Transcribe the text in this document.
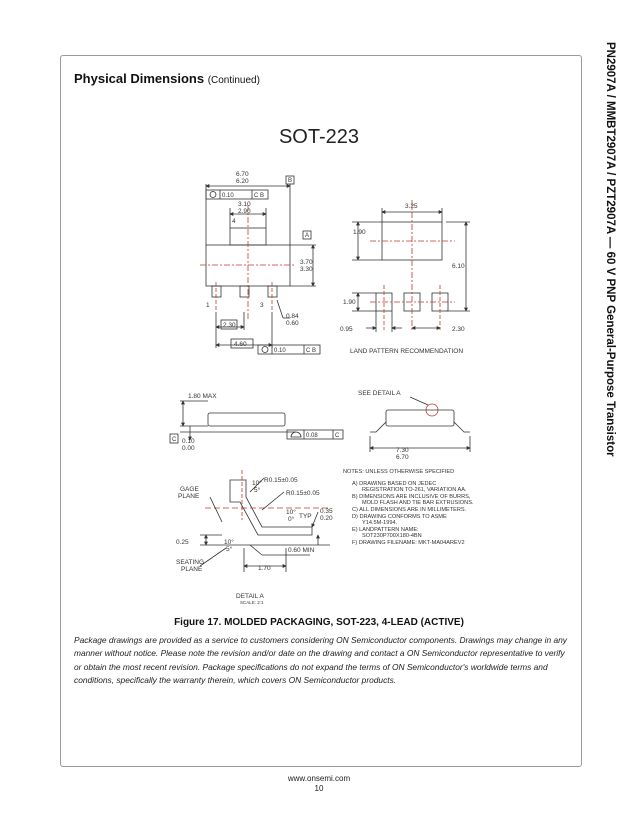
Physical Dimensions (Continued)	PN2907A / MMBT2907A / PZT2907A — 60 V PNP General-Purpose Transistor
SOT-223
6.70
6.20	B
0.10	C B
3.10
2.90
4
A
3.70
3.30
1	3
0.84
0.60
2.30
4.60
0.10	C B
3.25
1.90
6.10
1.90
0.95	2.30
LAND PATTERN RECOMMENDATION
1.80 MAX	SEE DETAIL A
C 0.10
0.00
0.08	C
7.30
6.70
10°
5°
R0.15±0.05
R0.15±0.05
GAGE
PLANE
0.35
0.20
10°
0° TYP
0.25	10°
5°	0.60 MIN
SEATING
PLANE	1.70
DETAIL A
SCALE: 2:1
NOTES: UNLESS OTHERWISE SPECIFIED
A) DRAWING BASED ON JEDEC
REGISTRATION TO-261, VARIATION AA.
B) DIMENSIONS ARE INCLUSIVE OF BURRS,
MOLD FLASH AND TIE BAR EXTRUSIONS.
C) ALL DIMENSIONS ARE IN MILLIMETERS.
D) DRAWING CONFORMS TO ASME
Y14.5M-1994.
E) LANDPATTERN NAME:
SOT230P700X180-4BN
F) DRAWING FILENAME: MKT-MA04AREV2
Figure 17. MOLDED PACKAGING, SOT-223, 4-LEAD (ACTIVE)
Package drawings are provided as a service to customers considering ON Semiconductor components. Drawings may change in any manner without notice. Please note the revision and/or date on the drawing and contact a ON Semiconductor representative to verify or obtain the most recent revision. Package specifications do not expand the terms of ON Semiconductor's worldwide terms and conditions, specifically the warranty therein, which covers ON Semiconductor products.
www.onsemi.com
10
